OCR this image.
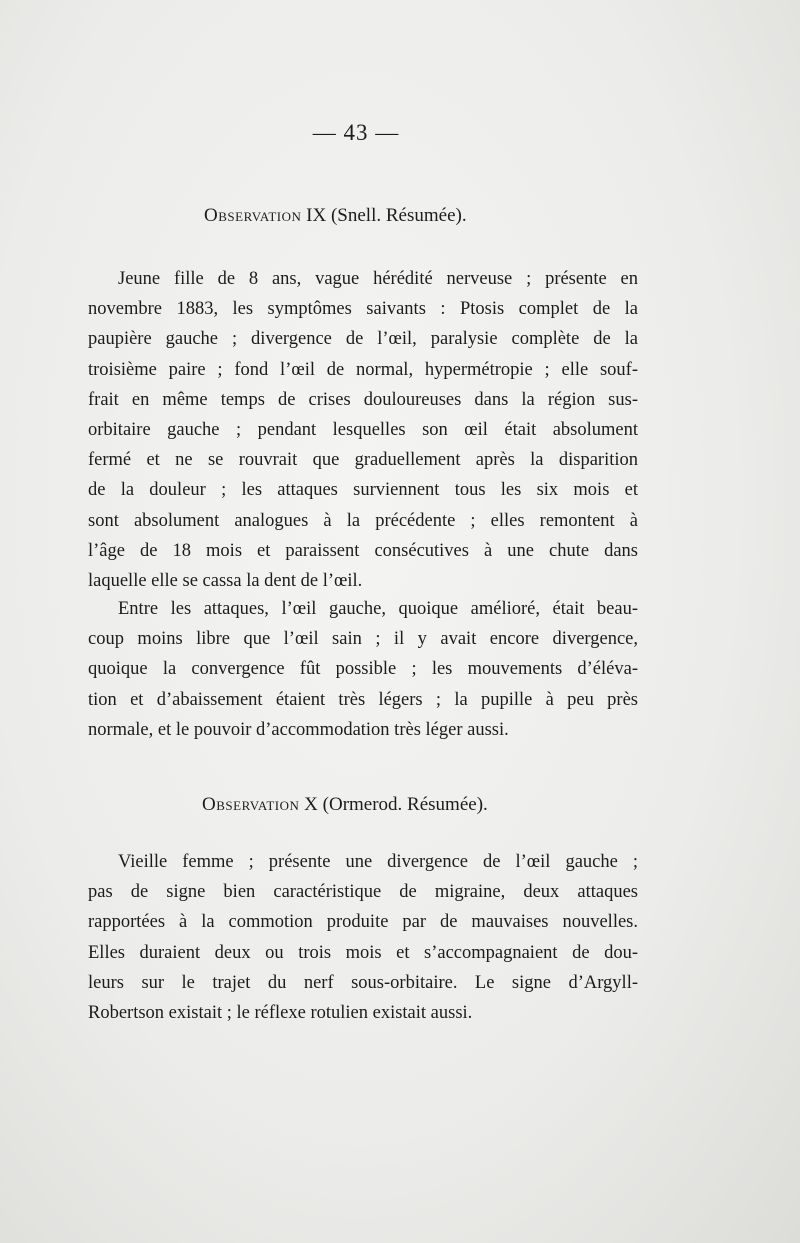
— 43 —
Observation IX (Snell. Résumée).
Jeune fille de 8 ans, vague hérédité nerveuse ; présente en
novembre 1883, les symptômes saivants : Ptosis complet de la
paupière gauche ; divergence de l’œil, paralysie complète de la
troisième paire ; fond l’œil de normal, hypermétropie ; elle souf-
frait en même temps de crises douloureuses dans la région sus-
orbitaire gauche ; pendant lesquelles son œil était absolument
fermé et ne se rouvrait que graduellement après la disparition
de la douleur ; les attaques surviennent tous les six mois et
sont absolument analogues à la précédente ; elles remontent à
l’âge de 18 mois et paraissent consécutives à une chute dans
laquelle elle se cassa la dent de l’œil.
Entre les attaques, l’œil gauche, quoique amélioré, était beau-
coup moins libre que l’œil sain ; il y avait encore divergence,
quoique la convergence fût possible ; les mouvements d’éléva-
tion et d’abaissement étaient très légers ; la pupille à peu près
normale, et le pouvoir d’accommodation très léger aussi.
Observation X (Ormerod. Résumée).
Vieille femme ; présente une divergence de l’œil gauche ;
pas de signe bien caractéristique de migraine, deux attaques
rapportées à la commotion produite par de mauvaises nouvelles.
Elles duraient deux ou trois mois et s’accompagnaient de dou-
leurs sur le trajet du nerf sous-orbitaire. Le signe d’Argyll-
Robertson existait ; le réflexe rotulien existait aussi.
